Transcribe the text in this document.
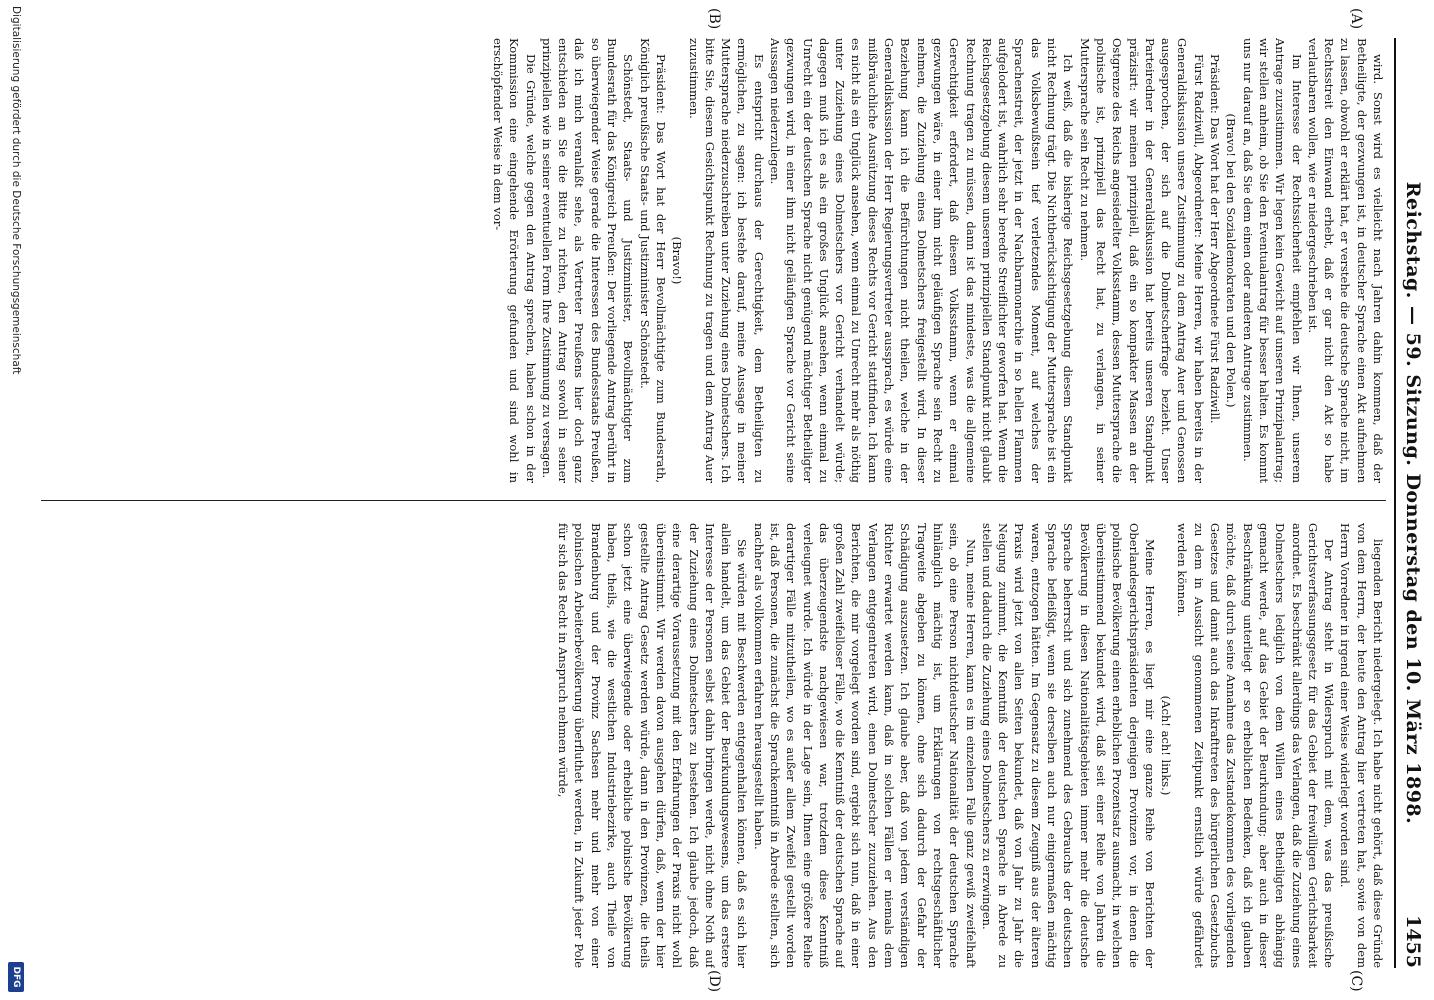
Reichstag. — 59. Sitzung. Donnerstag den 10. März 1898.
1455
(A)
(B)
(C)
(D)

wird. Sonst wird es vielleicht nach Jahren dahin kommen, daß der Betheiligte, der gezwungen ist, in deutscher Sprache einen Akt aufnehmen zu lassen, obwohl er erklärt hat, er verstehe die deutsche Sprache nicht, im Rechtsstreit den Einwand erhebt, daß er gar nicht den Akt so habe verlautbaren wollen, wie er niedergeschrieben ist.

Im Interesse der Rechtssicherheit empfehlen wir Ihnen, unserem Antrage zuzustimmen. Wir legen kein Gewicht auf unseren Prinzipalantrag; wir stellen anheim, ob Sie den Eventualantrag für besser halten. Es kommt uns nur darauf an, daß Sie dem einen oder anderen Antrage zustimmen.

(Bravo! bei den Sozialdemokraten und den Polen.)

Präsident: Das Wort hat der Herr Abgeordnete Fürst Radziwill.

Fürst Radziwill, Abgeordneter: Meine Herren, wir haben bereits in der Generaldiskussion unsere Zustimmung zu dem Antrag Auer und Genossen ausgesprochen, der sich auf die Dolmetscherfrage bezieht. Unser Parteiredner in der Generaldiskussion hat bereits unseren Standpunkt präzisirt: wir meinen prinzipiell, daß ein so kompakter Massen an der Ostgrenze des Reichs angesiedelter Volksstamm, dessen Muttersprache die polnische ist, prinzipiell das Recht hat, zu verlangen, in seiner Muttersprache sein Recht zu nehmen.

Ich weiß, daß die bisherige Reichsgesetzgebung diesem Standpunkt nicht Rechnung trägt. Die Nichtberücksichtigung der Muttersprache ist ein das Volksbewußtsein tief verletzendes Moment, auf welches der Sprachenstreit, der jetzt in der Nachbarmonarchie in so hellen Flammen aufgelodert ist, wahrlich sehr beredte Streiflichter geworfen hat. Wenn die Reichsgesetzgebung diesem unserem prinzipiellen Standpunkt nicht glaubt Rechnung tragen zu müssen, dann ist das mindeste, was die allgemeine Gerechtigkeit erfordert, daß diesem Volksstamm, wenn er einmal gezwungen wäre, in einer ihm nicht geläufigen Sprache sein Recht zu nehmen, die Zuziehung eines Dolmetschers freigestellt wird. In dieser Beziehung kann ich die Befürchtungen nicht theilen, welche in der Generaldiskussion der Herr Regierungsvertreter aussprach, es würde eine mißbräuchliche Ausnützung dieses Rechts vor Gericht stattfinden. Ich kann es nicht als ein Unglück ansehen, wenn einmal zu Unrecht mehr als nöthig unter Zuziehung eines Dolmetschers vor Gericht verhandelt würde; dagegen muß ich es als ein großes Unglück ansehen, wenn einmal zu Unrecht ein der deutschen Sprache nicht genügend mächtiger Betheiligter gezwungen wird, in einer ihm nicht geläufigen Sprache vor Gericht seine Aussagen niederzulegen.

Es entspricht durchaus der Gerechtigkeit, dem Betheiligten zu ermöglichen, zu sagen: ich bestehe darauf, meine Aussage in meiner Muttersprache niederzuschreiben unter Zuziehung eines Dolmetschers. Ich bitte Sie, diesem Gesichtspunkt Rechnung zu tragen und dem Antrag Auer zuzustimmen.

(Bravo!)

Präsident: Das Wort hat der Herr Bevollmächtigte zum Bundesrath, Königlich preußische Staats- und Justizminister Schönstedt.

Schönstedt, Staats- und Justizminister, Bevollmächtigter zum Bundesrath für das Königreich Preußen: Der vorliegende Antrag berührt in so überwiegender Weise gerade die Interessen des Bundesstaats Preußen, daß ich mich veranlaßt sehe, als Vertreter Preußens hier doch ganz entschieden an Sie die Bitte zu richten, den Antrag sowohl in seiner prinzipiellen wie in seiner eventuellen Form Ihre Zustimmung zu versagen.

Die Gründe, welche gegen den Antrag sprechen, haben schon in der Kommission eine eingehende Erörterung gefunden und sind wohl in erschöpfender Weise in dem vor-

liegenden Bericht niedergelegt. Ich habe nicht gehört, daß diese Gründe von dem Herrn, der heute den Antrag hier vertreten hat, sowie von dem Herrn Vorredner in irgend einer Weise widerlegt worden sind.

Der Antrag steht in Widerspruch mit dem, was das preußische Gerichtsverfassungsgesetz für das Gebiet der freiwilligen Gerichtsbarkeit anordnet. Es beschränkt allerdings das Verlangen, daß die Zuziehung eines Dolmetschers lediglich von dem Willen eines Betheiligten abhängig gemacht werde, auf das Gebiet der Beurkundung; aber auch in dieser Beschränkung unterliegt er so erheblichen Bedenken, daß ich glauben möchte, daß durch seine Annahme das Zustandekommen des vorliegenden Gesetzes und damit auch das Inkrafttreten des bürgerlichen Gesetzbuchs zu dem in Aussicht genommenen Zeitpunkt ernstlich würde gefährdet werden können.

(Ach! ach! links.)

Meine Herren, es liegt mir eine ganze Reihe von Berichten der Oberlandesgerichtspräsidenten derjenigen Provinzen vor, in denen die polnische Bevölkerung einen erheblichen Prozentsatz ausmacht, in welchen übereinstimmend bekundet wird, daß seit einer Reihe von Jahren die Bevölkerung in diesen Nationalitätsgebieten immer mehr die deutsche Sprache beherrscht und sich zunehmend des Gebrauchs der deutschen Sprache befleißigt, wenn sie derselben auch nur einigermaßen mächtig waren, entzogen hätten. Im Gegensatz zu diesem Zeugniß aus der älteren Praxis wird jetzt von allen Seiten bekundet, daß von Jahr zu Jahr die Neigung zunimmt, die Kenntniß der deutschen Sprache in Abrede zu stellen und dadurch die Zuziehung eines Dolmetschers zu erzwingen.

Nun, meine Herren, kann es im einzelnen Falle ganz gewiß zweifelhaft sein, ob eine Person nichtdeutscher Nationalität der deutschen Sprache hinlänglich mächtig ist, um Erklärungen von rechtsgeschäftlicher Tragweite abgeben zu können, ohne sich dadurch der Gefahr der Schädigung auszusetzen. Ich glaube aber, daß von jedem verständigen Richter erwartet werden kann, daß in solchen Fällen er niemals dem Verlangen entgegentreten wird, einen Dolmetscher zuzuziehen. Aus den Berichten, die mir vorgelegt worden sind, ergiebt sich nun, daß in einer großen Zahl zweifelloser Fälle, wo die Kenntniß der deutschen Sprache auf das überzeugendste nachgewiesen war, trotzdem diese Kenntniß verleugnet wurde. Ich würde in der Lage sein, Ihnen eine größere Reihe derartiger Fälle mitzutheilen, wo es außer allem Zweifel gestellt worden ist, daß Personen, die zunächst die Sprachkenntniß in Abrede stellten, sich nachher als vollkommen erfahren herausgestellt haben.

Sie würden mit Beschwerden entgegenhalten können, daß es sich hier allein handelt, um das Gebiet der Beurkundungswesens, um das erstere Interesse der Personen selbst dahin bringen werde, nicht ohne Noth auf der Zuziehung eines Dolmetschers zu bestehen. Ich glaube jedoch, daß eine derartige Voraussetzung mit den Erfahrungen der Praxis nicht wohl übereinstimmt. Wir werden davon ausgehen dürfen, daß, wenn der hier gestellte Antrag Gesetz werden würde, dann in den Provinzen, die theils schon jetzt eine überwiegende oder erhebliche polnische Bevölkerung haben, theils, wie die westlichen Industriebezirke, auch Theile von Brandenburg und der Provinz Sachsen mehr und mehr von einer polnischen Arbeiterbevölkerung überfluthet werden, in Zukunft jeder Pole für sich das Recht in Anspruch nehmen würde,

Digitalisierung gefördert durch die Deutsche Forschungsgemeinschaft
DFG
